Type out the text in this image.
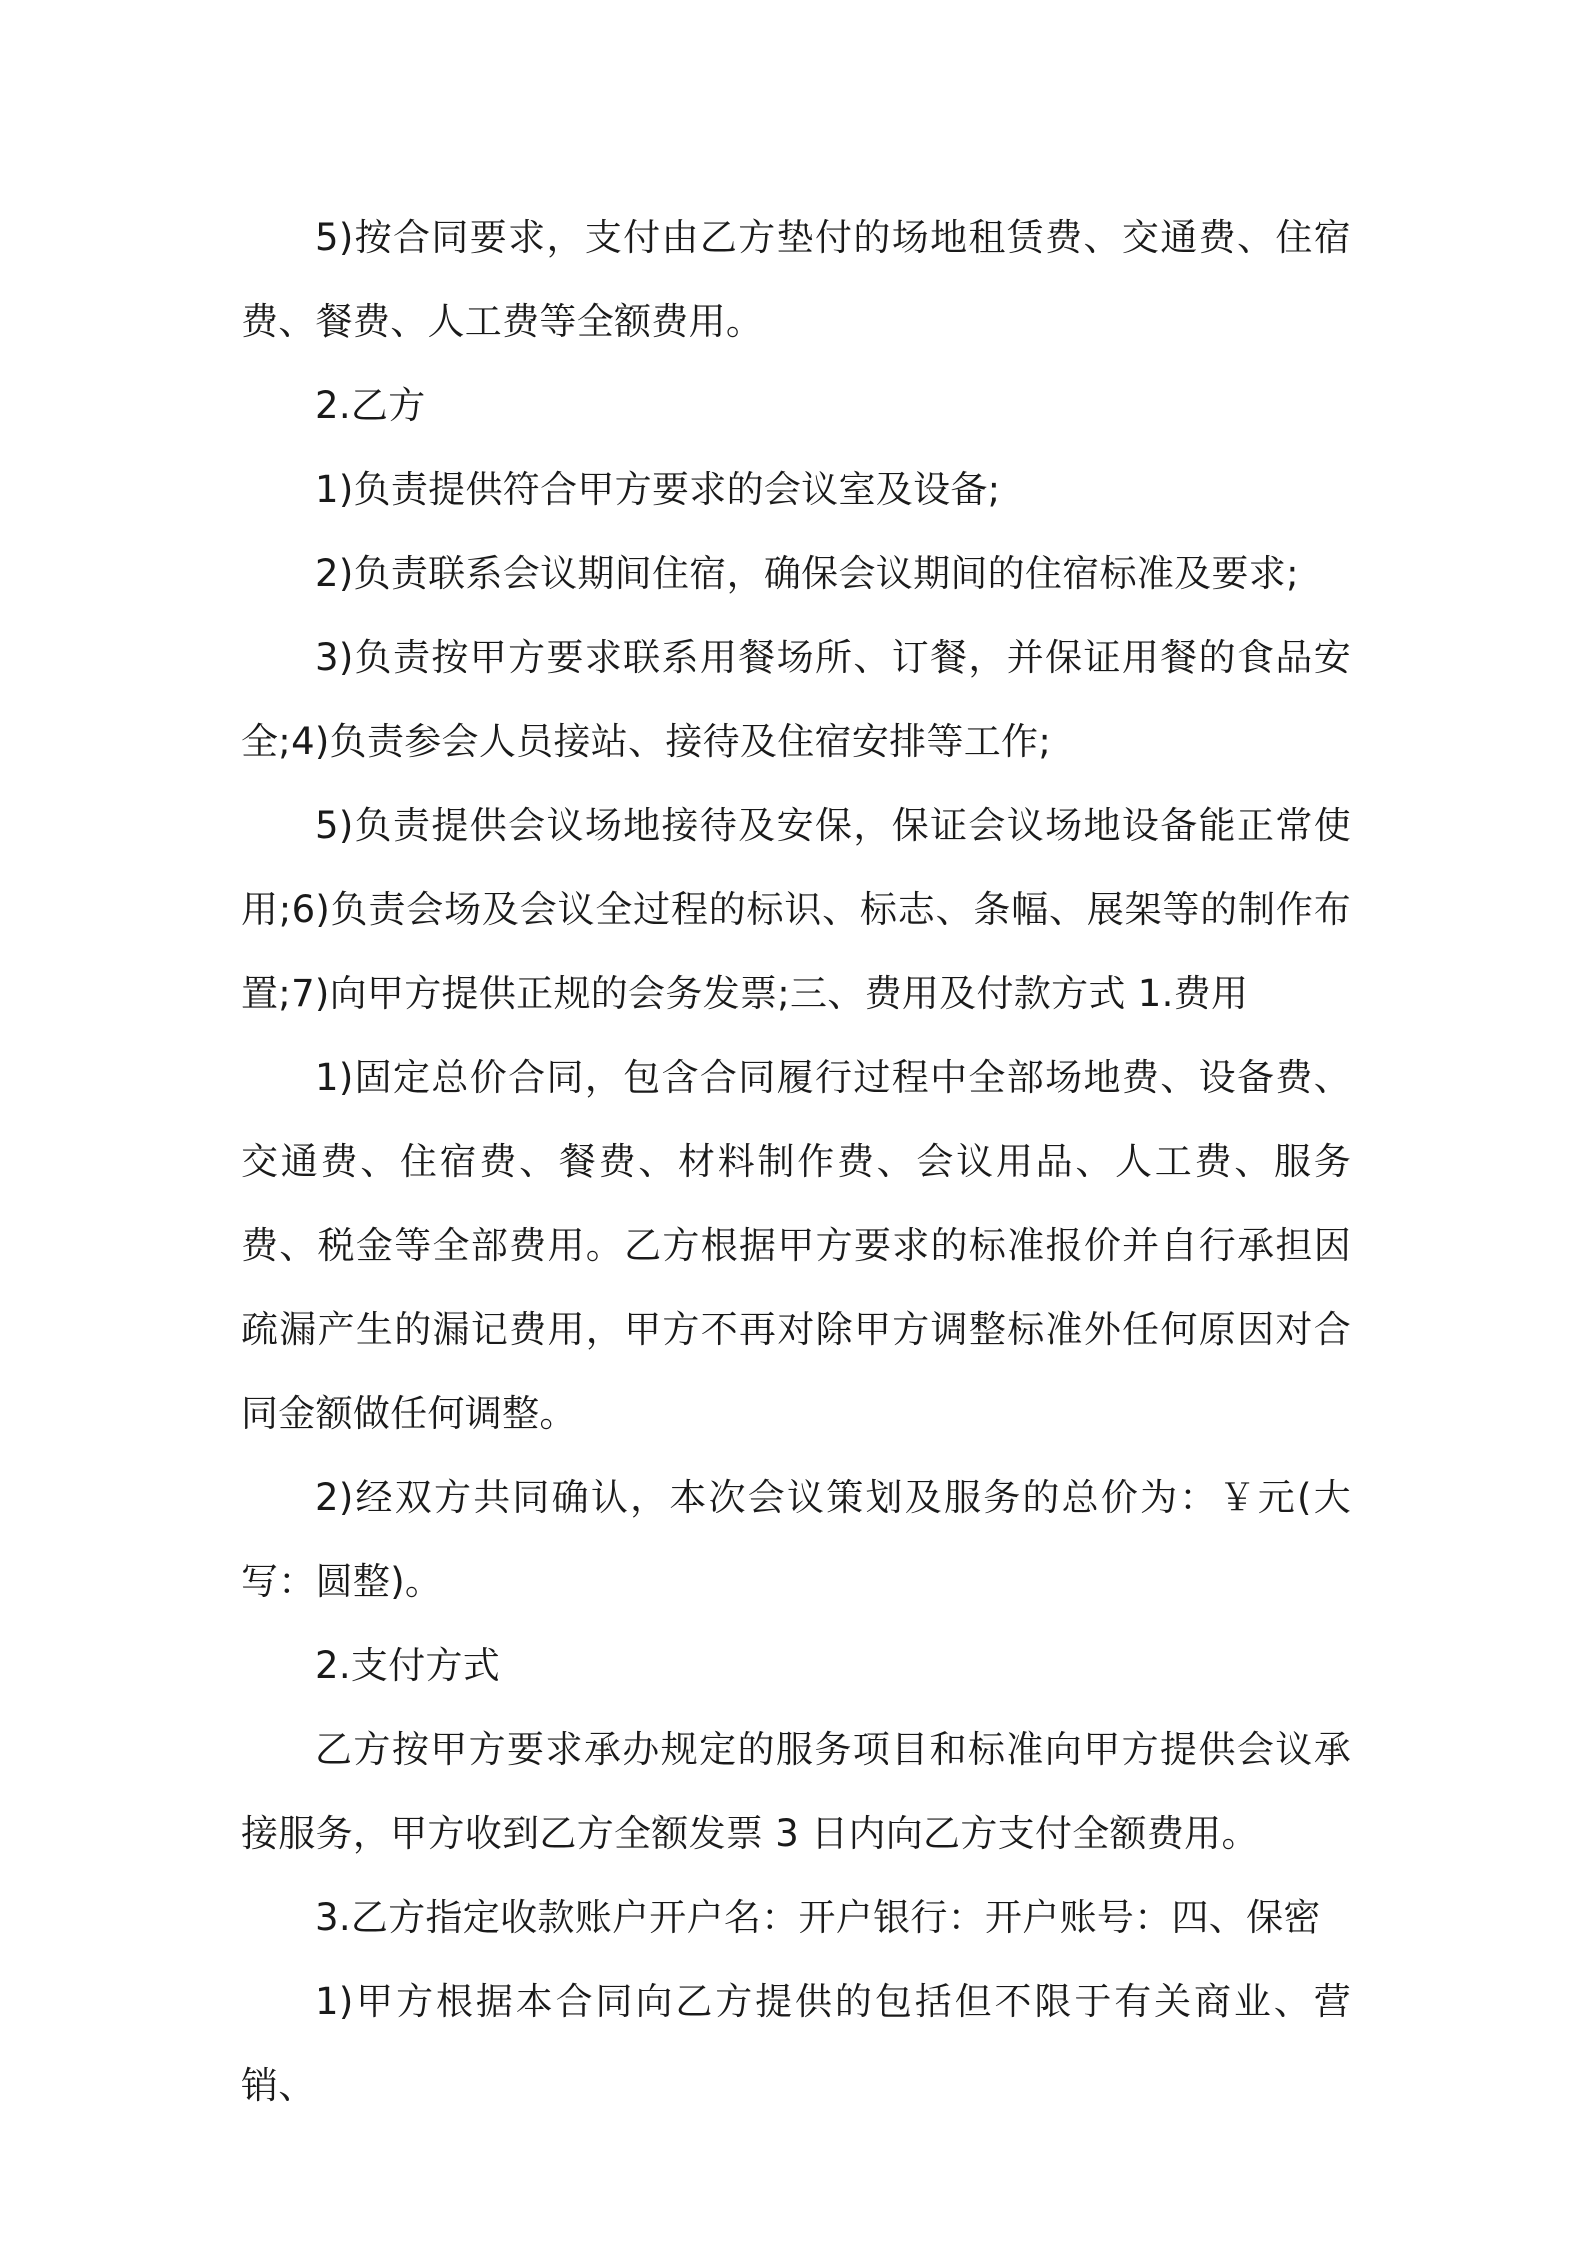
5)按合同要求，支付由乙方垫付的场地租赁费、交通费、住宿费、餐费、人工费等全额费用。

2.乙方

1)负责提供符合甲方要求的会议室及设备;

2)负责联系会议期间住宿，确保会议期间的住宿标准及要求;

3)负责按甲方要求联系用餐场所、订餐，并保证用餐的食品安全;4)负责参会人员接站、接待及住宿安排等工作;

5)负责提供会议场地接待及安保，保证会议场地设备能正常使用;6)负责会场及会议全过程的标识、标志、条幅、展架等的制作布置;7)向甲方提供正规的会务发票;三、费用及付款方式 1.费用

1)固定总价合同，包含合同履行过程中全部场地费、设备费、交通费、住宿费、餐费、材料制作费、会议用品、人工费、服务费、税金等全部费用。乙方根据甲方要求的标准报价并自行承担因疏漏产生的漏记费用，甲方不再对除甲方调整标准外任何原因对合同金额做任何调整。

2)经双方共同确认，本次会议策划及服务的总价为：￥元(大写：圆整)。

2.支付方式

乙方按甲方要求承办规定的服务项目和标准向甲方提供会议承接服务，甲方收到乙方全额发票 3 日内向乙方支付全额费用。

3.乙方指定收款账户开户名：开户银行：开户账号：四、保密

1)甲方根据本合同向乙方提供的包括但不限于有关商业、营销、
